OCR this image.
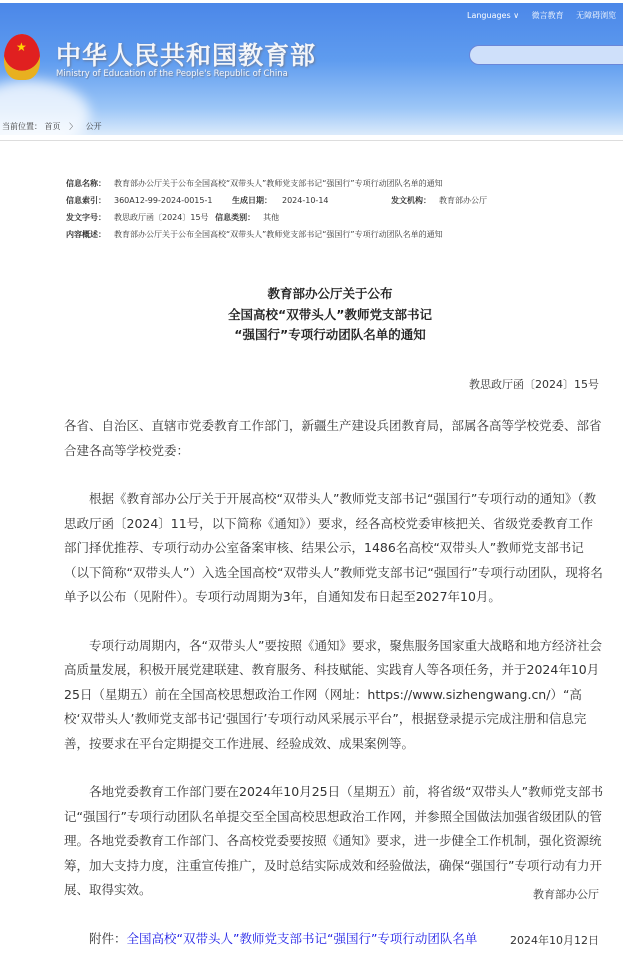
★ 中华人民共和国教育部
Ministry of Education of the People's Republic of China
Languages ∨ 微言教育 无障碍浏览
当前位置： 首页 〉 公开
信息名称： 教育部办公厅关于公布全国高校“双带头人”教师党支部书记“强国行”专项行动团队名单的通知
信息索引： 360A12-99-2024-0015-1 生成日期： 2024-10-14	发文机构： 教育部办公厅
发文字号： 教思政厅函〔2024〕15号 信息类别： 其他
内容概述： 教育部办公厅关于公布全国高校“双带头人”教师党支部书记“强国行”专项行动团队名单的通知
教育部办公厅关于公布
全国高校“双带头人”教师党支部书记
“强国行”专项行动团队名单的通知
教思政厅函〔2024〕15号
各省、自治区、直辖市党委教育工作部门，新疆生产建设兵团教育局，部属各高等学校党委、部省合建各高等学校党委：
根据《教育部办公厅关于开展高校“双带头人”教师党支部书记“强国行”专项行动的通知》（教思政厅函〔2024〕11号，以下简称《通知》）要求，经各高校党委审核把关、省级党委教育工作部门择优推荐、专项行动办公室备案审核、结果公示，1486名高校“双带头人”教师党支部书记（以下简称“双带头人”）入选全国高校“双带头人”教师党支部书记“强国行”专项行动团队，现将名单予以公布（见附件）。专项行动周期为3年，自通知发布日起至2027年10月。
专项行动周期内，各“双带头人”要按照《通知》要求，聚焦服务国家重大战略和地方经济社会高质量发展，积极开展党建联建、教育服务、科技赋能、实践育人等各项任务，并于2024年10月25日（星期五）前在全国高校思想政治工作网（网址：https://www.sizhengwang.cn/）“高校‘双带头人’教师党支部书记‘强国行’专项行动风采展示平台”，根据登录提示完成注册和信息完善，按要求在平台定期提交工作进展、经验成效、成果案例等。
各地党委教育工作部门要在2024年10月25日（星期五）前，将省级“双带头人”教师党支部书记“强国行”专项行动团队名单提交至全国高校思想政治工作网，并参照全国做法加强省级团队的管理。各地党委教育工作部门、各高校党委要按照《通知》要求，进一步健全工作机制，强化资源统筹，加大支持力度，注重宣传推广，及时总结实际成效和经验做法，确保“强国行”专项行动有力开展、取得实效。
附件：全国高校“双带头人”教师党支部书记“强国行”专项行动团队名单
教育部办公厅
2024年10月12日
